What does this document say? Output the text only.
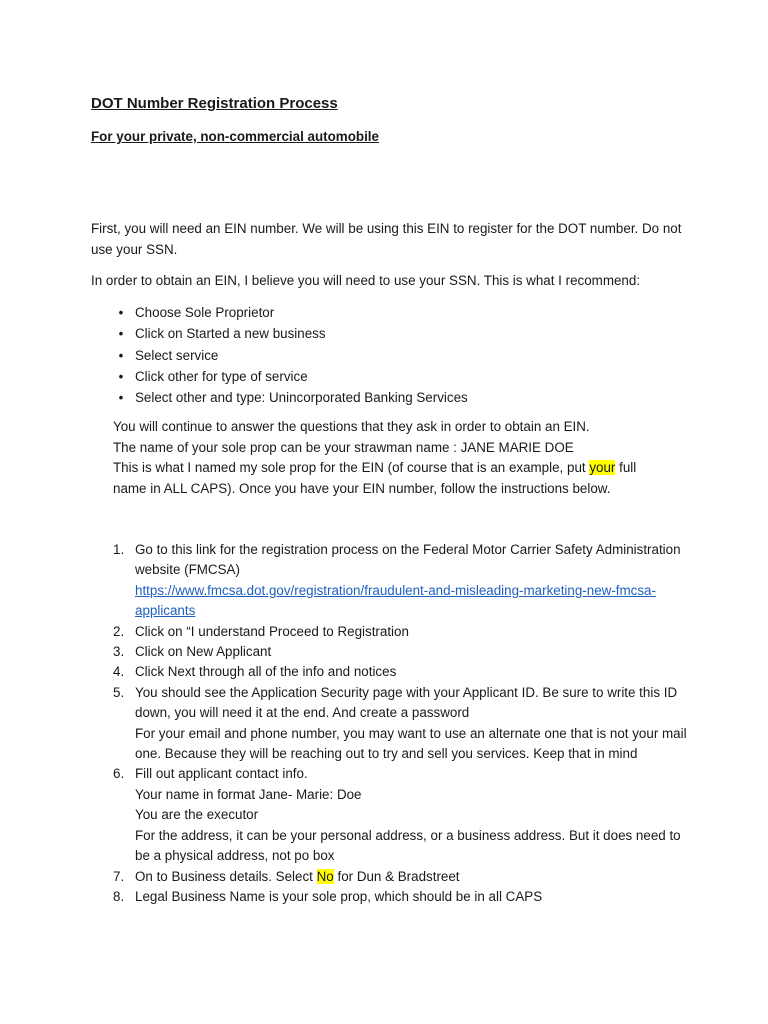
DOT Number Registration Process
For your private, non-commercial automobile
First, you will need an EIN number. We will be using this EIN to register for the DOT number. Do not use your SSN.
In order to obtain an EIN, I believe you will need to use your SSN. This is what I recommend:
• Choose Sole Proprietor
• Click on Started a new business
• Select service
• Click other for type of service
• Select other and type: Unincorporated Banking Services
You will continue to answer the questions that they ask in order to obtain an EIN.
The name of your sole prop can be your strawman name : JANE MARIE DOE
This is what I named my sole prop for the EIN (of course that is an example, put your full name in ALL CAPS). Once you have your EIN number, follow the instructions below.
1. Go to this link for the registration process on the Federal Motor Carrier Safety Administration website (FMCSA)
https://www.fmcsa.dot.gov/registration/fraudulent-and-misleading-marketing-new-fmcsa-applicants
2. Click on “I understand Proceed to Registration
3. Click on New Applicant
4. Click Next through all of the info and notices
5. You should see the Application Security page with your Applicant ID. Be sure to write this ID down, you will need it at the end. And create a password
For your email and phone number, you may want to use an alternate one that is not your mail one. Because they will be reaching out to try and sell you services. Keep that in mind
6. Fill out applicant contact info.
Your name in format Jane- Marie: Doe
You are the executor
For the address, it can be your personal address, or a business address. But it does need to be a physical address, not po box
7. On to Business details. Select No for Dun & Bradstreet
8. Legal Business Name is your sole prop, which should be in all CAPS
